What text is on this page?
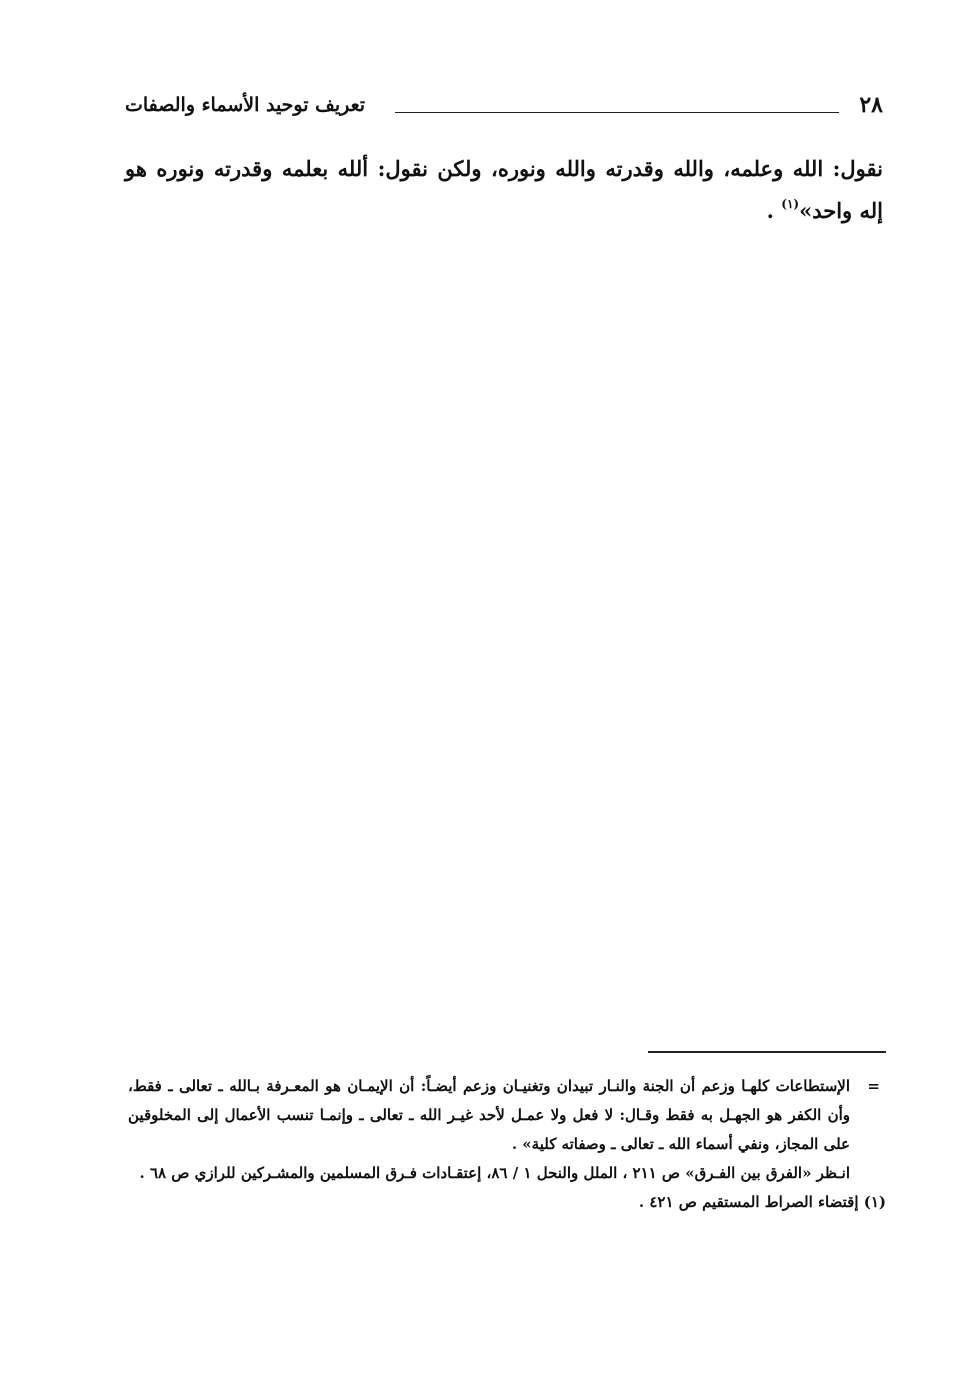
٢٨
تعريف توحيد الأسماء والصفات

نقول: الله وعلمه، والله وقدرته والله ونوره، ولكن نقول: ألله بعلمه وقدرته ونوره هو إله واحد»$^{(١)}$ .

=
الإستطاعات كلهـا وزعم أن الجنة والنـار تبيدان وتغنيـان وزعم أيضـاً: أن الإيمـان هو المعـرفة بـالله ـ تعالى ـ فقط، وأن الكفر هو الجهـل به فقط وقـال: لا فعل ولا عمـل لأحد غيـر الله ـ تعالى ـ وإنمـا تنسب الأعمال إلى المخلوقين على المجاز، ونفي أسماء الله ـ تعالى ـ وصفاته كلية» .

انـظر «الفرق بين الفـرق» ص ٢١١ ، الملل والنحل ١ / ٨٦، إعتقـادات فـرق المسلمين والمشـركين للرازي ص ٦٨ .

(١) إقتضاء الصراط المستقيم ص ٤٢١ .
